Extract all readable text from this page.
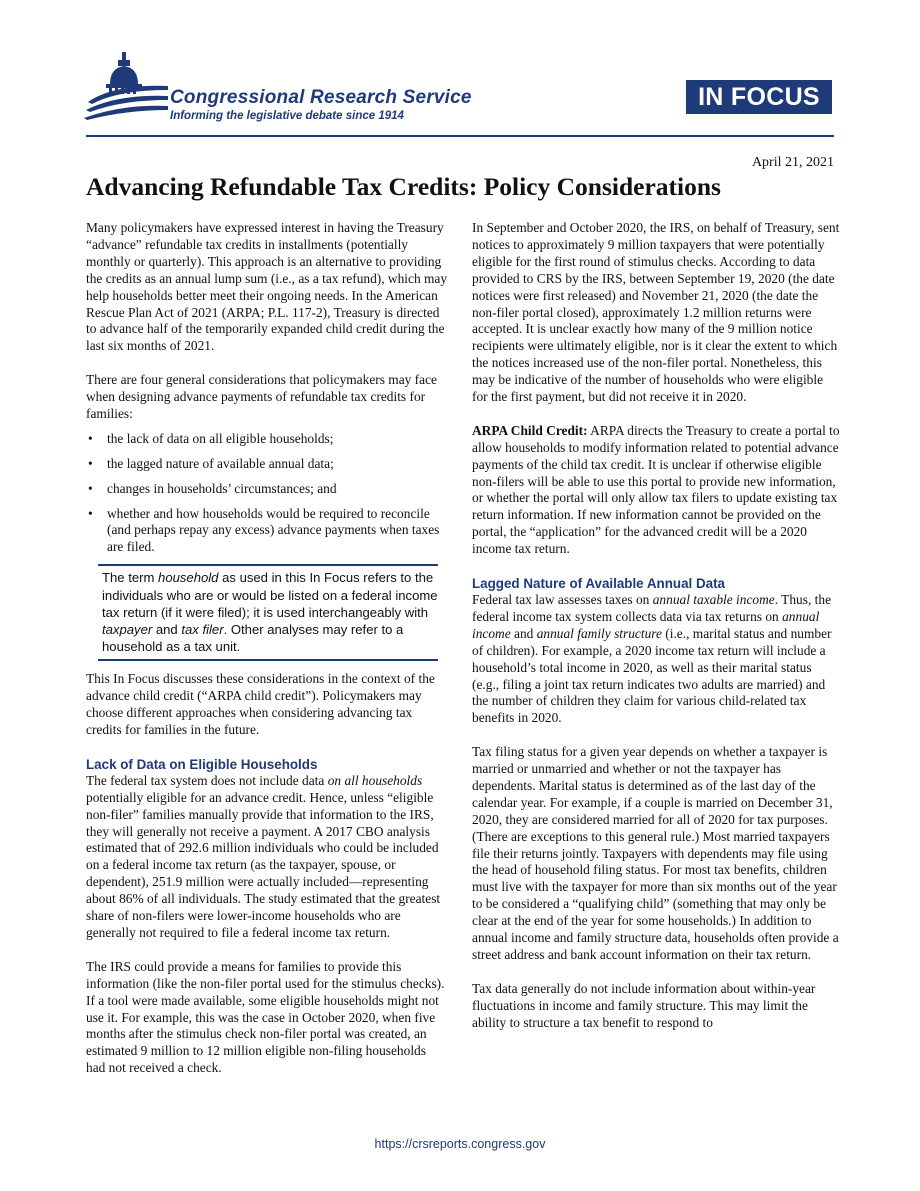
Congressional Research Service
Informing the legislative debate since 1914
IN FOCUS
April 21, 2021
Advancing Refundable Tax Credits: Policy Considerations

Many policymakers have expressed interest in having the Treasury “advance” refundable tax credits in installments (potentially monthly or quarterly). This approach is an alternative to providing the credits as an annual lump sum (i.e., as a tax refund), which may help households better meet their ongoing needs. In the American Rescue Plan Act of 2021 (ARPA; P.L. 117-2), Treasury is directed to advance half of the temporarily expanded child credit during the last six months of 2021.

There are four general considerations that policymakers may face when designing advance payments of refundable tax credits for families:

• the lack of data on all eligible households;
• the lagged nature of available annual data;
• changes in households’ circumstances; and
• whether and how households would be required to reconcile (and perhaps repay any excess) advance payments when taxes are filed.
The term household as used in this In Focus refers to the individuals who are or would be listed on a federal income tax return (if it were filed); it is used interchangeably with taxpayer and tax filer. Other analyses may refer to a household as a tax unit.

This In Focus discusses these considerations in the context of the advance child credit (“ARPA child credit”). Policymakers may choose different approaches when considering advancing tax credits for families in the future.

Lack of Data on Eligible Households

The federal tax system does not include data on all households potentially eligible for an advance credit. Hence, unless “eligible non-filer” families manually provide that information to the IRS, they will generally not receive a payment. A 2017 CBO analysis estimated that of 292.6 million individuals who could be included on a federal income tax return (as the taxpayer, spouse, or dependent), 251.9 million were actually included—representing about 86% of all individuals. The study estimated that the greatest share of non-filers were lower-income households who are generally not required to file a federal income tax return.

The IRS could provide a means for families to provide this information (like the non-filer portal used for the stimulus checks). If a tool were made available, some eligible households might not use it. For example, this was the case in October 2020, when five months after the stimulus check non-filer portal was created, an estimated 9 million to 12 million eligible non-filing households had not received a check.

In September and October 2020, the IRS, on behalf of Treasury, sent notices to approximately 9 million taxpayers that were potentially eligible for the first round of stimulus checks. According to data provided to CRS by the IRS, between September 19, 2020 (the date notices were first released) and November 21, 2020 (the date the non-filer portal closed), approximately 1.2 million returns were accepted. It is unclear exactly how many of the 9 million notice recipients were ultimately eligible, nor is it clear the extent to which the notices increased use of the non-filer portal. Nonetheless, this may be indicative of the number of households who were eligible for the first payment, but did not receive it in 2020.

ARPA Child Credit: ARPA directs the Treasury to create a portal to allow households to modify information related to potential advance payments of the child tax credit. It is unclear if otherwise eligible non-filers will be able to use this portal to provide new information, or whether the portal will only allow tax filers to update existing tax return information. If new information cannot be provided on the portal, the “application” for the advanced credit will be a 2020 income tax return.

Lagged Nature of Available Annual Data

Federal tax law assesses taxes on annual taxable income. Thus, the federal income tax system collects data via tax returns on annual income and annual family structure (i.e., marital status and number of children). For example, a 2020 income tax return will include a household’s total income in 2020, as well as their marital status (e.g., filing a joint tax return indicates two adults are married) and the number of children they claim for various child-related tax benefits in 2020.

Tax filing status for a given year depends on whether a taxpayer is married or unmarried and whether or not the taxpayer has dependents. Marital status is determined as of the last day of the calendar year. For example, if a couple is married on December 31, 2020, they are considered married for all of 2020 for tax purposes. (There are exceptions to this general rule.) Most married taxpayers file their returns jointly. Taxpayers with dependents may file using the head of household filing status. For most tax benefits, children must live with the taxpayer for more than six months out of the year to be considered a “qualifying child” (something that may only be clear at the end of the year for some households.) In addition to annual income and family structure data, households often provide a street address and bank account information on their tax return.

Tax data generally do not include information about within-year fluctuations in income and family structure. This may limit the ability to structure a tax benefit to respond to

https://crsreports.congress.gov
